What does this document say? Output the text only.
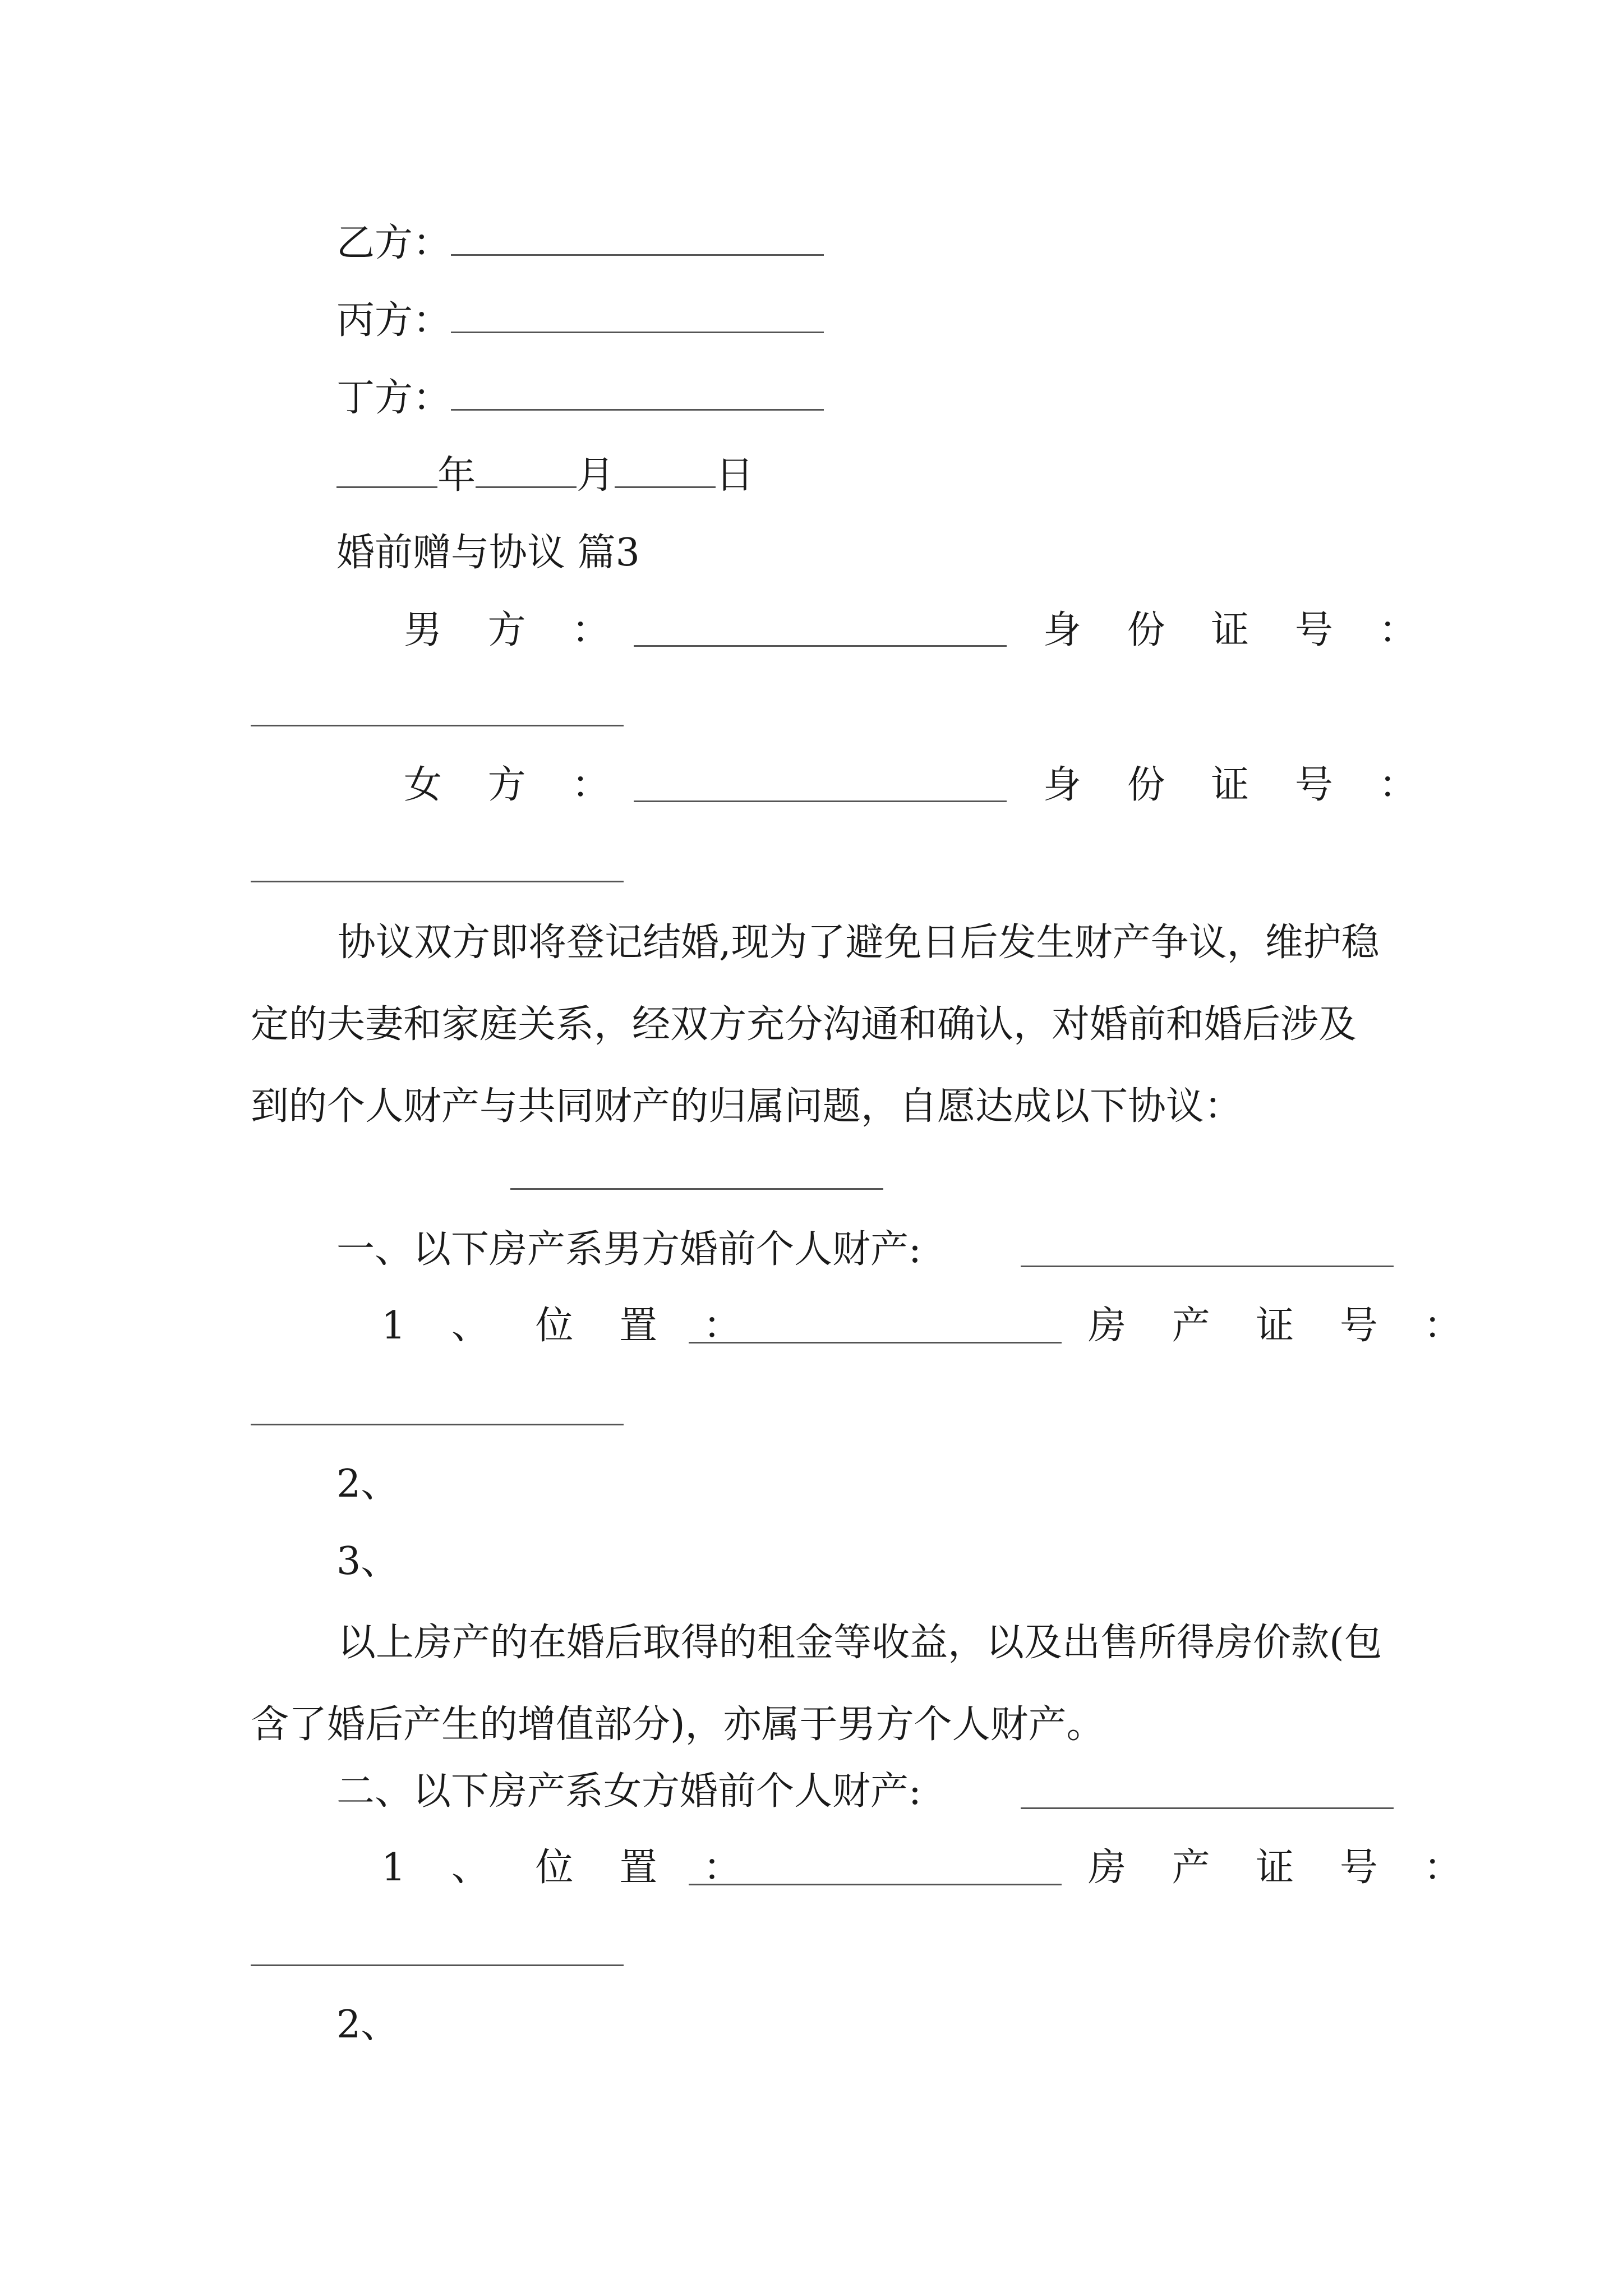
乙方：
丙方：
丁方：
年	月	日
婚前赠与协议 篇3
男 方 ：	身 份 证 号 ：
女 方 ：	身 份 证 号 ：
协议双方即将登记结婚,现为了避免日后发生财产争议，维护稳定的夫妻和家庭关系，经双方充分沟通和确认，对婚前和婚后涉及到的个人财产与共同财产的归属问题，自愿达成以下协议：
一、以下房产系男方婚前个人财产:
1 、 位 置 ：	房 产 证 号 ：
2、
3、
以上房产的在婚后取得的租金等收益，以及出售所得房价款(包含了婚后产生的增值部分)，亦属于男方个人财产。
二、以下房产系女方婚前个人财产:
1 、 位 置 ：	房 产 证 号 ：
2、
